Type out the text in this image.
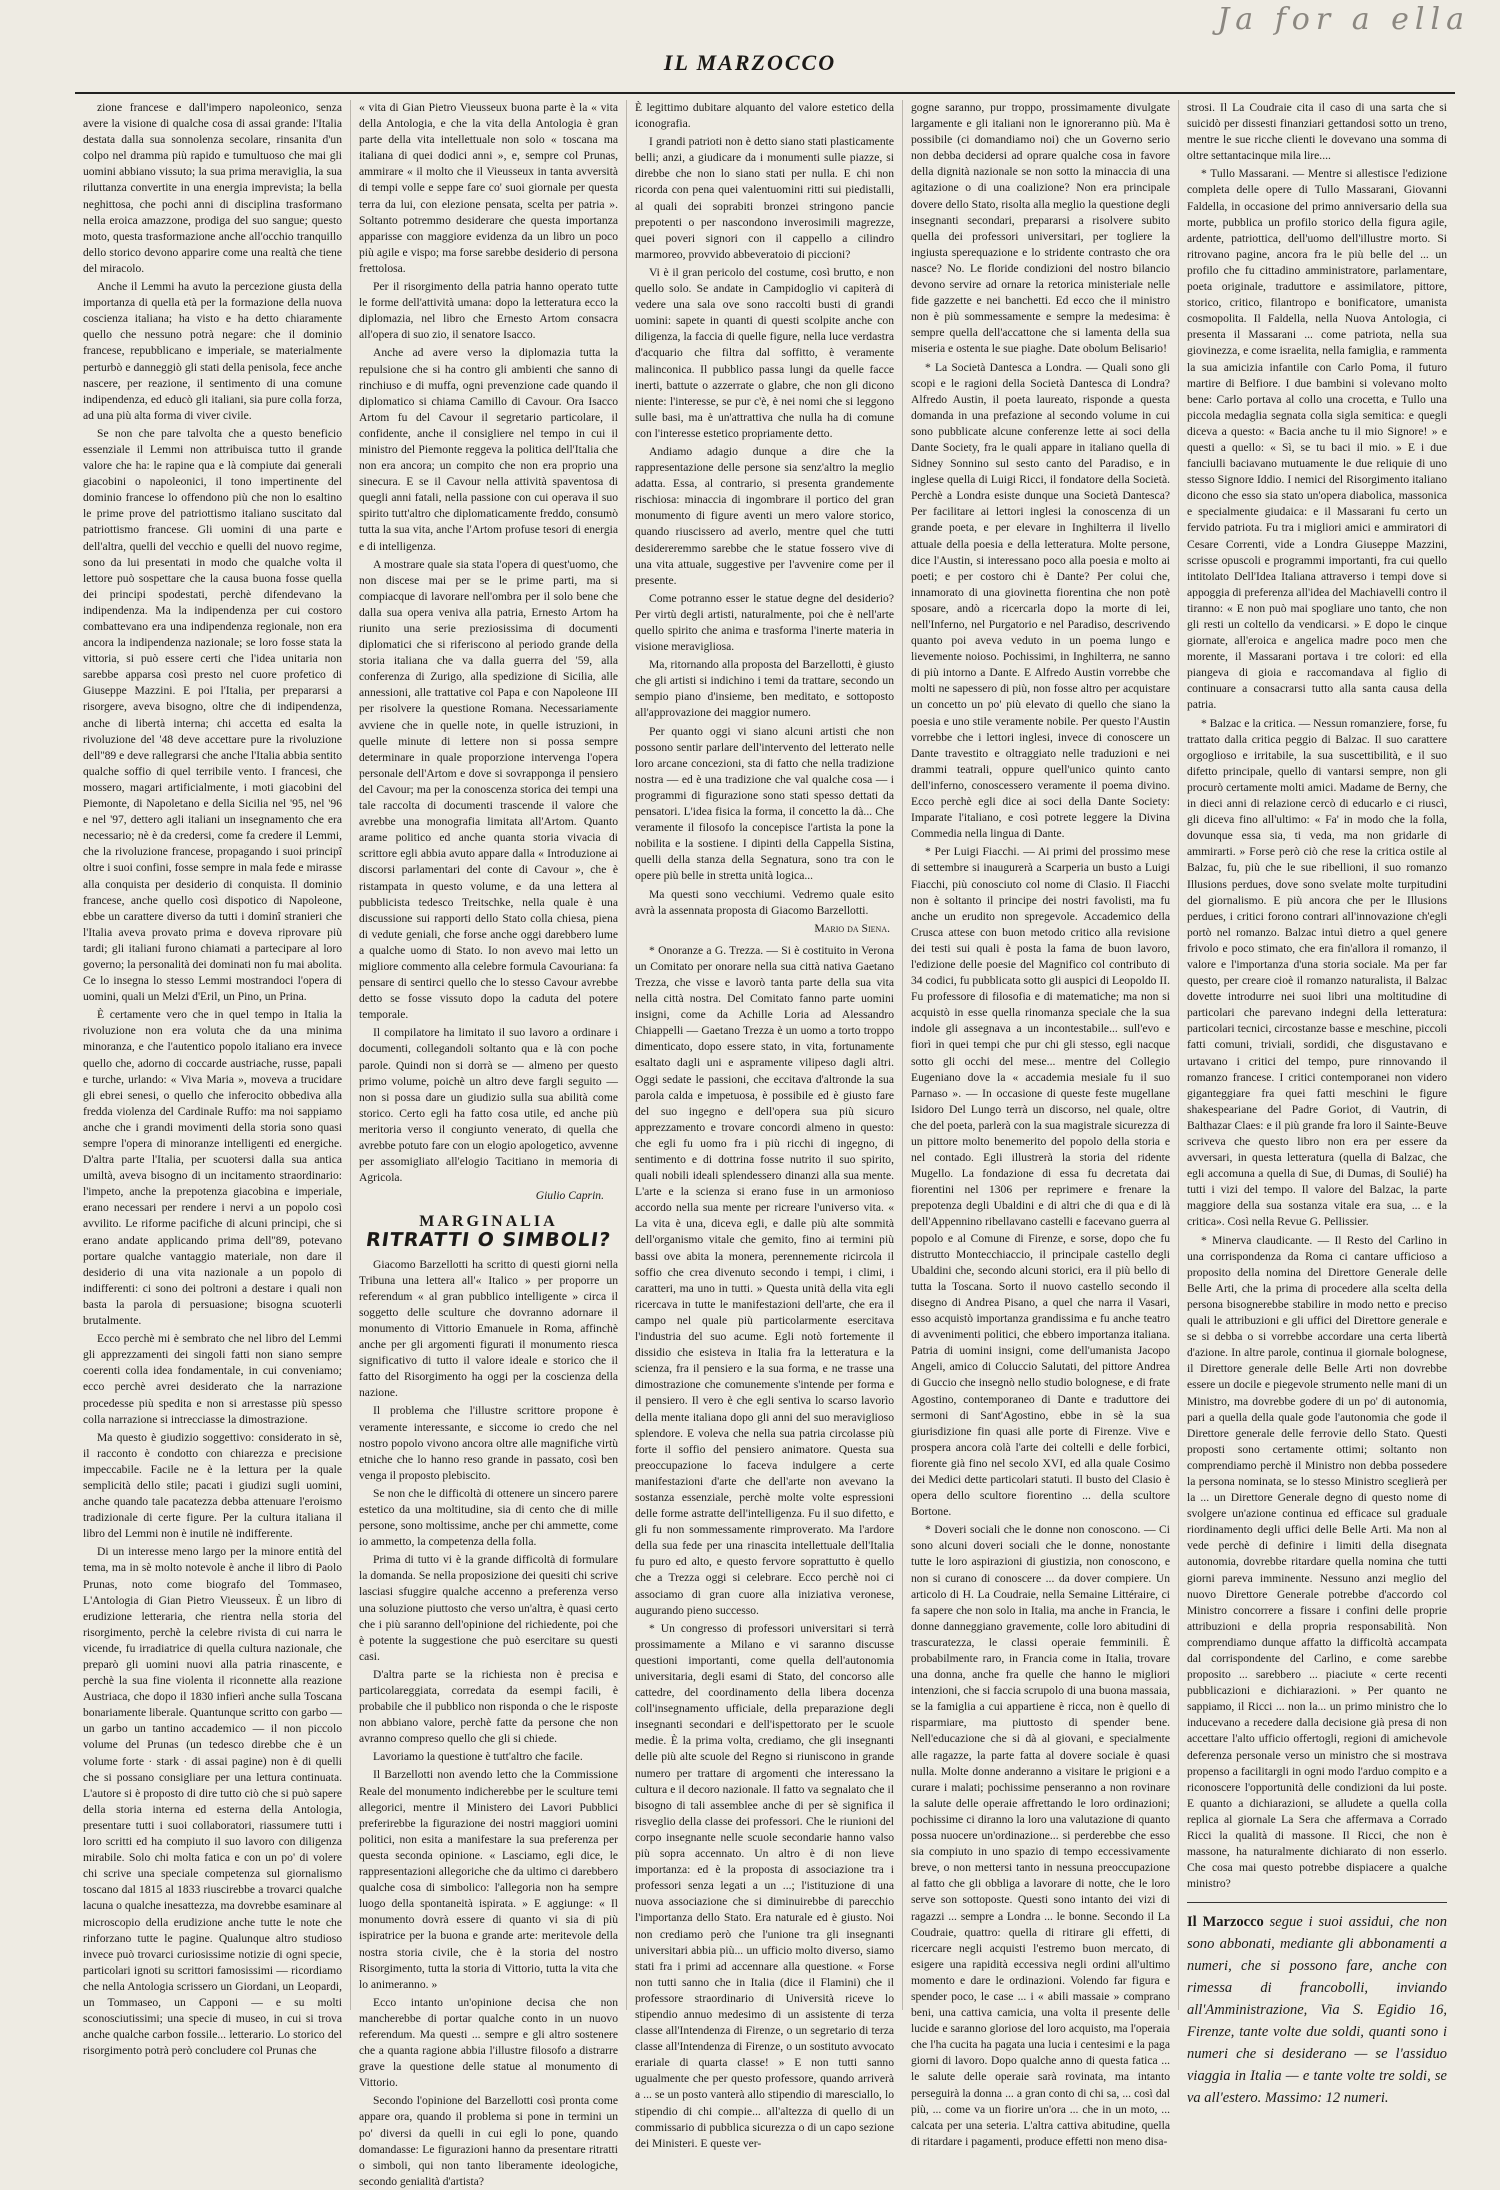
Ja for a ella
IL MARZOCCO

zione francese e dall'impero napoleonico, senza avere la visione di qualche cosa di assai grande: l'Italia destata dalla sua sonnolenza secolare, rinsanita d'un colpo nel dramma più rapido e tumultuoso che mai gli uomini abbiano vissuto; la sua prima meraviglia, la sua riluttanza convertite in una energia imprevista; la bella neghittosa, che pochi anni di disciplina trasformano nella eroica amazzone, prodiga del suo sangue; questo moto, questa trasformazione anche all'occhio tranquillo dello storico devono apparire come una realtà che tiene del miracolo.

Anche il Lemmi ha avuto la percezione giusta della importanza di quella età per la formazione della nuova coscienza italiana; ha visto e ha detto chiaramente quello che nessuno potrà negare: che il dominio francese, repubblicano e imperiale, se materialmente perturbò e danneggiò gli stati della penisola, fece anche nascere, per reazione, il sentimento di una comune indipendenza, ed educò gli italiani, sia pure colla forza, ad una più alta forma di viver civile.

Se non che pare talvolta che a questo beneficio essenziale il Lemmi non attribuisca tutto il grande valore che ha: le rapine qua e là compiute dai generali giacobini o napoleonici, il tono impertinente del dominio francese lo offendono più che non lo esaltino le prime prove del patriottismo italiano suscitato dal patriottismo francese. Gli uomini di una parte e dell'altra, quelli del vecchio e quelli del nuovo regime, sono da lui presentati in modo che qualche volta il lettore può sospettare che la causa buona fosse quella dei principi spodestati, perchè difendevano la indipendenza. Ma la indipendenza per cui costoro combattevano era una indipendenza regionale, non era ancora la indipendenza nazionale; se loro fosse stata la vittoria, si può essere certi che l'idea unitaria non sarebbe apparsa così presto nel cuore profetico di Giuseppe Mazzini. E poi l'Italia, per prepararsi a risorgere, aveva bisogno, oltre che di indipendenza, anche di libertà interna; chi accetta ed esalta la rivoluzione del '48 deve accettare pure la rivoluzione dell''89 e deve rallegrarsi che anche l'Italia abbia sentito qualche soffio di quel terribile vento. I francesi, che mossero, magari artificialmente, i moti giacobini del Piemonte, di Napoletano e della Sicilia nel '95, nel '96 e nel '97, dettero agli italiani un insegnamento che era necessario; nè è da credersi, come fa credere il Lemmi, che la rivoluzione francese, propagando i suoi principî oltre i suoi confini, fosse sempre in mala fede e mirasse alla conquista per desiderio di conquista. Il dominio francese, anche quello così dispotico di Napoleone, ebbe un carattere diverso da tutti i dominî stranieri che l'Italia aveva provato prima e doveva riprovare più tardi; gli italiani furono chiamati a partecipare al loro governo; la personalità dei dominati non fu mai abolita. Ce lo insegna lo stesso Lemmi mostrandoci l'opera di uomini, quali un Melzi d'Eril, un Pino, un Prina.

È certamente vero che in quel tempo in Italia la rivoluzione non era voluta che da una minima minoranza, e che l'autentico popolo italiano era invece quello che, adorno di coccarde austriache, russe, papali e turche, urlando: « Viva Maria », moveva a trucidare gli ebrei senesi, o quello che inferocito obbediva alla fredda violenza del Cardinale Ruffo: ma noi sappiamo anche che i grandi movimenti della storia sono quasi sempre l'opera di minoranze intelligenti ed energiche. D'altra parte l'Italia, per scuotersi dalla sua antica umiltà, aveva bisogno di un incitamento straordinario: l'impeto, anche la prepotenza giacobina e imperiale, erano necessari per rendere i nervi a un popolo così avvilito. Le riforme pacifiche di alcuni principi, che si erano andate applicando prima dell''89, potevano portare qualche vantaggio materiale, non dare il desiderio di una vita nazionale a un popolo di indifferenti: ci sono dei poltroni a destare i quali non basta la parola di persuasione; bisogna scuoterli brutalmente.

Ecco perchè mi è sembrato che nel libro del Lemmi gli apprezzamenti dei singoli fatti non siano sempre coerenti colla idea fondamentale, in cui conveniamo; ecco perchè avrei desiderato che la narrazione procedesse più spedita e non si arrestasse più spesso colla narrazione si intrecciasse la dimostrazione.

Ma questo è giudizio soggettivo: considerato in sè, il racconto è condotto con chiarezza e precisione impeccabile. Facile ne è la lettura per la quale semplicità dello stile; pacati i giudizi sugli uomini, anche quando tale pacatezza debba attenuare l'eroismo tradizionale di certe figure. Per la cultura italiana il libro del Lemmi non è inutile nè indifferente.

Di un interesse meno largo per la minore entità del tema, ma in sè molto notevole è anche il libro di Paolo Prunas, noto come biografo del Tommaseo, L'Antologia di Gian Pietro Vieusseux. È un libro di erudizione letteraria, che rientra nella storia del risorgimento, perchè la celebre rivista di cui narra le vicende, fu irradiatrice di quella cultura nazionale, che preparò gli uomini nuovi alla patria rinascente, e perchè la sua fine violenta il riconnette alla reazione Austriaca, che dopo il 1830 infierì anche sulla Toscana bonariamente liberale. Quantunque scritto con garbo — un garbo un tantino accademico — il non piccolo volume del Prunas (un tedesco direbbe che è un volume forte · stark · di assai pagine) non è di quelli che si possano consigliare per una lettura continuata. L'autore si è proposto di dire tutto ciò che si può sapere della storia interna ed esterna della Antologia, presentare tutti i suoi collaboratori, riassumere tutti i loro scritti ed ha compiuto il suo lavoro con diligenza mirabile. Solo chi molta fatica e con un po' di volere chi scrive una speciale competenza sul giornalismo toscano dal 1815 al 1833 riuscirebbe a trovarci qualche lacuna o qualche inesattezza, ma dovrebbe esaminare al microscopio della erudizione anche tutte le note che rinforzano tutte le pagine. Qualunque altro studioso invece può trovarci curiosissime notizie di ogni specie, particolari ignoti su scrittori famosissimi — ricordiamo che nella Antologia scrissero un Giordani, un Leopardi, un Tommaseo, un Capponi — e su molti sconosciutissimi; una specie di museo, in cui si trova anche qualche carbon fossile... letterario. Lo storico del risorgimento potrà però concludere col Prunas che

« vita di Gian Pietro Vieusseux buona parte è la « vita della Antologia, e che la vita della Antologia è gran parte della vita intellettuale non solo « toscana ma italiana di quei dodici anni », e, sempre col Prunas, ammirare « il molto che il Vieusseux in tanta avversità di tempi volle e seppe fare co' suoi giornale per questa terra da lui, con elezione pensata, scelta per patria ». Soltanto potremmo desiderare che questa importanza apparisse con maggiore evidenza da un libro un poco più agile e vispo; ma forse sarebbe desiderio di persona frettolosa.

Per il risorgimento della patria hanno operato tutte le forme dell'attività umana: dopo la letteratura ecco la diplomazia, nel libro che Ernesto Artom consacra all'opera di suo zio, il senatore Isacco.

Anche ad avere verso la diplomazia tutta la repulsione che si ha contro gli ambienti che sanno di rinchiuso e di muffa, ogni prevenzione cade quando il diplomatico si chiama Camillo di Cavour. Ora Isacco Artom fu del Cavour il segretario particolare, il confidente, anche il consigliere nel tempo in cui il ministro del Piemonte reggeva la politica dell'Italia che non era ancora; un compito che non era proprio una sinecura. E se il Cavour nella attività spaventosa di quegli anni fatali, nella passione con cui operava il suo spirito tutt'altro che diplomaticamente freddo, consumò tutta la sua vita, anche l'Artom profuse tesori di energia e di intelligenza.

A mostrare quale sia stata l'opera di quest'uomo, che non discese mai per se le prime parti, ma si compiacque di lavorare nell'ombra per il solo bene che dalla sua opera veniva alla patria, Ernesto Artom ha riunito una serie preziosissima di documenti diplomatici che si riferiscono al periodo grande della storia italiana che va dalla guerra del '59, alla conferenza di Zurigo, alla spedizione di Sicilia, alle annessioni, alle trattative col Papa e con Napoleone III per risolvere la questione Romana. Necessariamente avviene che in quelle note, in quelle istruzioni, in quelle minute di lettere non si possa sempre determinare in quale proporzione intervenga l'opera personale dell'Artom e dove si sovrapponga il pensiero del Cavour; ma per la conoscenza storica dei tempi una tale raccolta di documenti trascende il valore che avrebbe una monografia limitata all'Artom. Quanto arame politico ed anche quanta storia vivacia di scrittore egli abbia avuto appare dalla « Introduzione ai discorsi parlamentari del conte di Cavour », che è ristampata in questo volume, e da una lettera al pubblicista tedesco Treitschke, nella quale è una discussione sui rapporti dello Stato colla chiesa, piena di vedute geniali, che forse anche oggi darebbero lume a qualche uomo di Stato. Io non avevo mai letto un migliore commento alla celebre formula Cavouriana: fa pensare di sentirci quello che lo stesso Cavour avrebbe detto se fosse vissuto dopo la caduta del potere temporale.

Il compilatore ha limitato il suo lavoro a ordinare i documenti, collegandoli soltanto qua e là con poche parole. Quindi non si dorrà se — almeno per questo primo volume, poichè un altro deve fargli seguito — non si possa dare un giudizio sulla sua abilità come storico. Certo egli ha fatto cosa utile, ed anche più meritoria verso il congiunto venerato, di quella che avrebbe potuto fare con un elogio apologetico, avvenne per assomigliato all'elogio Tacitiano in memoria di Agricola.

Giulio Caprin.
MARGINALIA
RITRATTI O SIMBOLI?

Giacomo Barzellotti ha scritto di questi giorni nella Tribuna una lettera all'« Italico » per proporre un referendum « al gran pubblico intelligente » circa il soggetto delle sculture che dovranno adornare il monumento di Vittorio Emanuele in Roma, affinchè anche per gli argomenti figurati il monumento riesca significativo di tutto il valore ideale e storico che il fatto del Risorgimento ha oggi per la coscienza della nazione.

Il problema che l'illustre scrittore propone è veramente interessante, e siccome io credo che nel nostro popolo vivono ancora oltre alle magnifiche virtù etniche che lo hanno reso grande in passato, così ben venga il proposto plebiscito.

Se non che le difficoltà di ottenere un sincero parere estetico da una moltitudine, sia di cento che di mille persone, sono moltissime, anche per chi ammette, come io ammetto, la competenza della folla.

Prima di tutto vi è la grande difficoltà di formulare la domanda. Se nella proposizione dei quesiti chi scrive lasciasi sfuggire qualche accenno a preferenza verso una soluzione piuttosto che verso un'altra, è quasi certo che i più saranno dell'opinione del richiedente, poi che è potente la suggestione che può esercitare su questi casi.

D'altra parte se la richiesta non è precisa e particolareggiata, corredata da esempi facili, è probabile che il pubblico non risponda o che le risposte non abbiano valore, perchè fatte da persone che non avranno compreso quello che gli si chiede.

Lavoriamo la questione è tutt'altro che facile.

Il Barzellotti non avendo letto che la Commissione Reale del monumento indicherebbe per le sculture temi allegorici, mentre il Ministero dei Lavori Pubblici preferirebbe la figurazione dei nostri maggiori uomini politici, non esita a manifestare la sua preferenza per questa seconda opinione. « Lasciamo, egli dice, le rappresentazioni allegoriche che da ultimo ci darebbero qualche cosa di simbolico: l'allegoria non ha sempre luogo della spontaneità ispirata. » E aggiunge: « Il monumento dovrà essere di quanto vi sia di più ispiratrice per la buona e grande arte: meritevole della nostra storia civile, che è la storia del nostro Risorgimento, tutta la storia di Vittorio, tutta la vita che lo animeranno. »

Ecco intanto un'opinione decisa che non mancherebbe di portar qualche conto in un nuovo referendum. Ma questi ... sempre e gli altro sostenere che a quanta ragione abbia l'illustre filosofo a distrarre grave la questione delle statue al monumento di Vittorio.

Secondo l'opinione del Barzellotti così pronta come appare ora, quando il problema si pone in termini un po' diversi da quelli in cui egli lo pone, quando domandasse: Le figurazioni hanno da presentare ritratti o simboli, qui non tanto liberamente ideologiche, secondo genialità d'artista?

È legittimo dubitare alquanto del valore estetico della iconografia.

I grandi patrioti non è detto siano stati plasticamente belli; anzi, a giudicare da i monumenti sulle piazze, si direbbe che non lo siano stati per nulla. E chi non ricorda con pena quei valentuomini ritti sui piedistalli, al quali dei soprabiti bronzei stringono pancie prepotenti o per nascondono inverosimili magrezze, quei poveri signori con il cappello a cilindro marmoreo, provvido abbeveratoio di piccioni?

Vi è il gran pericolo del costume, così brutto, e non quello solo. Se andate in Campidoglio vi capiterà di vedere una sala ove sono raccolti busti di grandi uomini: sapete in quanti di questi scolpite anche con diligenza, la faccia di quelle figure, nella luce verdastra d'acquario che filtra dal soffitto, è veramente malinconica. Il pubblico passa lungi da quelle facce inerti, battute o azzerrate o glabre, che non gli dicono niente: l'interesse, se pur c'è, è nei nomi che si leggono sulle basi, ma è un'attrattiva che nulla ha di comune con l'interesse estetico propriamente detto.

Andiamo adagio dunque a dire che la rappresentazione delle persone sia senz'altro la meglio adatta. Essa, al contrario, si presenta grandemente rischiosa: minaccia di ingombrare il portico del gran monumento di figure aventi un mero valore storico, quando riuscissero ad averlo, mentre quel che tutti desidereremmo sarebbe che le statue fossero vive di una vita attuale, suggestive per l'avvenire come per il presente.

Come potranno esser le statue degne del desiderio? Per virtù degli artisti, naturalmente, poi che è nell'arte quello spirito che anima e trasforma l'inerte materia in visione meravigliosa.

Ma, ritornando alla proposta del Barzellotti, è giusto che gli artisti si indichino i temi da trattare, secondo un sempio piano d'insieme, ben meditato, e sottoposto all'approvazione dei maggior numero.

Per quanto oggi vi siano alcuni artisti che non possono sentir parlare dell'intervento del letterato nelle loro arcane concezioni, sta di fatto che nella tradizione nostra — ed è una tradizione che val qualche cosa — i programmi di figurazione sono stati spesso dettati da pensatori. L'idea fisica la forma, il concetto la dà... Che veramente il filosofo la concepisce l'artista la pone la nobilita e la sostiene. I dipinti della Cappella Sistina, quelli della stanza della Segnatura, sono tra con le opere più belle in stretta unità logica...

Ma questi sono vecchiumi. Vedremo quale esito avrà la assennata proposta di Giacomo Barzellotti.

Mario da Siena.

* Onoranze a G. Trezza. — Si è costituito in Verona un Comitato per onorare nella sua città nativa Gaetano Trezza, che visse e lavorò tanta parte della sua vita nella città nostra. Del Comitato fanno parte uomini insigni, come da Achille Loria ad Alessandro Chiappelli — Gaetano Trezza è un uomo a torto troppo dimenticato, dopo essere stato, in vita, fortunamente esaltato dagli uni e aspramente vilipeso dagli altri. Oggi sedate le passioni, che eccitava d'altronde la sua parola calda e impetuosa, è possibile ed è giusto fare del suo ingegno e dell'opera sua più sicuro apprezzamento e trovare concordi almeno in questo: che egli fu uomo fra i più ricchi di ingegno, di sentimento e di dottrina fosse nutrito il suo spirito, quali nobili ideali splendessero dinanzi alla sua mente. L'arte e la scienza si erano fuse in un armonioso accordo nella sua mente per ricreare l'universo vita. « La vita è una, diceva egli, e dalle più alte sommità dell'organismo vitale che gemito, fino ai termini più bassi ove abita la monera, perennemente ricircola il soffio che crea divenuto secondo i tempi, i climi, i caratteri, ma uno in tutti. » Questa unità della vita egli ricercava in tutte le manifestazioni dell'arte, che era il campo nel quale più particolarmente esercitava l'industria del suo acume. Egli notò fortemente il dissidio che esisteva in Italia fra la letteratura e la scienza, fra il pensiero e la sua forma, e ne trasse una dimostrazione che comunemente s'intende per forma e il pensiero. Il vero è che egli sentiva lo scarso lavorìo della mente italiana dopo gli anni del suo meraviglioso splendore. E voleva che nella sua patria circolasse più forte il soffio del pensiero animatore. Questa sua preoccupazione lo faceva indulgere a certe manifestazioni d'arte che dell'arte non avevano la sostanza essenziale, perchè molte volte espressioni delle forme astratte dell'intelligenza. Fu il suo difetto, e gli fu non sommessamente rimproverato. Ma l'ardore della sua fede per una rinascita intellettuale dell'Italia fu puro ed alto, e questo fervore soprattutto è quello che a Trezza oggi si celebrare. Ecco perchè noi ci associamo di gran cuore alla iniziativa veronese, augurando pieno successo.

* Un congresso di professori universitari si terrà prossimamente a Milano e vi saranno discusse questioni importanti, come quella dell'autonomia universitaria, degli esami di Stato, del concorso alle cattedre, del coordinamento della libera docenza coll'insegnamento ufficiale, della preparazione degli insegnanti secondari e dell'ispettorato per le scuole medie. È la prima volta, crediamo, che gli insegnanti delle più alte scuole del Regno si riuniscono in grande numero per trattare di argomenti che interessano la cultura e il decoro nazionale. Il fatto va segnalato che il bisogno di tali assemblee anche di per sè significa il risveglio della classe dei professori. Che le riunioni del corpo insegnante nelle scuole secondarie hanno valso più sopra accennato. Un altro è di non lieve importanza: ed è la proposta di associazione tra i professori senza legati a un ...; l'istituzione di una nuova associazione che si diminuirebbe di parecchio l'importanza dello Stato. Era naturale ed è giusto. Noi non crediamo però che l'unione tra gli insegnanti universitari abbia più... un ufficio molto diverso, siamo stati fra i primi ad accennare alla questione. « Forse non tutti sanno che in Italia (dice il Flamini) che il professore straordinario di Università riceve lo stipendio annuo medesimo di un assistente di terza classe all'Intendenza di Firenze, o un segretario di terza classe all'Intendenza di Firenze, o un sostituto avvocato erariale di quarta classe! » E non tutti sanno ugualmente che per questo professore, quando arriverà a ... se un posto vanterà allo stipendio di maresciallo, lo stipendio di chi compie... all'altezza di quello di un commissario di pubblica sicurezza o di un capo sezione dei Ministeri. E queste ver-

gogne saranno, pur troppo, prossimamente divulgate largamente e gli italiani non le ignoreranno più. Ma è possibile (ci domandiamo noi) che un Governo serio non debba decidersi ad oprare qualche cosa in favore della dignità nazionale se non sotto la minaccia di una agitazione o di una coalizione? Non era principale dovere dello Stato, risolta alla meglio la questione degli insegnanti secondari, prepararsi a risolvere subito quella dei professori universitari, per togliere la ingiusta sperequazione e lo stridente contrasto che ora nasce? No. Le floride condizioni del nostro bilancio devono servire ad ornare la retorica ministeriale nelle fide gazzette e nei banchetti. Ed ecco che il ministro non è più sommessamente e sempre la medesima: è sempre quella dell'accattone che si lamenta della sua miseria e ostenta le sue piaghe. Date obolum Belisario!

* La Società Dantesca a Londra. — Quali sono gli scopi e le ragioni della Società Dantesca di Londra? Alfredo Austin, il poeta laureato, risponde a questa domanda in una prefazione al secondo volume in cui sono pubblicate alcune conferenze lette ai soci della Dante Society, fra le quali appare in italiano quella di Sidney Sonnino sul sesto canto del Paradiso, e in inglese quella di Luigi Ricci, il fondatore della Società. Perchè a Londra esiste dunque una Società Dantesca? Per facilitare ai lettori inglesi la conoscenza di un grande poeta, e per elevare in Inghilterra il livello attuale della poesia e della letteratura. Molte persone, dice l'Austin, si interessano poco alla poesia e molto ai poeti; e per costoro chi è Dante? Per colui che, innamorato di una giovinetta fiorentina che non potè sposare, andò a ricercarla dopo la morte di lei, nell'Inferno, nel Purgatorio e nel Paradiso, descrivendo quanto poi aveva veduto in un poema lungo e lievemente noioso. Pochissimi, in Inghilterra, ne sanno di più intorno a Dante. E Alfredo Austin vorrebbe che molti ne sapessero di più, non fosse altro per acquistare un concetto un po' più elevato di quello che siano la poesia e uno stile veramente nobile. Per questo l'Austin vorrebbe che i lettori inglesi, invece di conoscere un Dante travestito e oltraggiato nelle traduzioni e nei drammi teatrali, oppure quell'unico quinto canto dell'inferno, conoscessero veramente il poema divino. Ecco perchè egli dice ai soci della Dante Society: Imparate l'italiano, e così potrete leggere la Divina Commedia nella lingua di Dante.

* Per Luigi Fiacchi. — Ai primi del prossimo mese di settembre si inaugurerà a Scarperia un busto a Luigi Fiacchi, più conosciuto col nome di Clasio. Il Fiacchi non è soltanto il principe dei nostri favolisti, ma fu anche un erudito non spregevole. Accademico della Crusca attese con buon metodo critico alla revisione dei testi sui quali è posta la fama de buon lavoro, l'edizione delle poesie del Magnifico col contributo di 34 codici, fu pubblicata sotto gli auspici di Leopoldo II. Fu professore di filosofia e di matematiche; ma non si acquistò in esse quella rinomanza speciale che la sua indole gli assegnava a un incontestabile... sull'evo e fiorì in quei tempi che pur chi gli stesso, egli nacque sotto gli occhi del mese... mentre del Collegio Eugeniano dove la « accademia mesiale fu il suo Parnaso ». — In occasione di queste feste mugellane Isidoro Del Lungo terrà un discorso, nel quale, oltre che del poeta, parlerà con la sua magistrale sicurezza di un pittore molto benemerito del popolo della storia e nel contado. Egli illustrerà la storia del ridente Mugello. La fondazione di essa fu decretata dai fiorentini nel 1306 per reprimere e frenare la prepotenza degli Ubaldini e di altri che di qua e di là dell'Appennino ribellavano castelli e facevano guerra al popolo e al Comune di Firenze, e sorse, dopo che fu distrutto Montecchiaccio, il principale castello degli Ubaldini che, secondo alcuni storici, era il più bello di tutta la Toscana. Sorto il nuovo castello secondo il disegno di Andrea Pisano, a quel che narra il Vasari, esso acquistò importanza grandissima e fu anche teatro di avvenimenti politici, che ebbero importanza italiana. Patria di uomini insigni, come dell'umanista Jacopo Angeli, amico di Coluccio Salutati, del pittore Andrea di Guccio che insegnò nello studio bolognese, e di frate Agostino, contemporaneo di Dante e traduttore dei sermoni di Sant'Agostino, ebbe in sè la sua giurisdizione fin quasi alle porte di Firenze. Vive e prospera ancora colà l'arte dei coltelli e delle forbici, fiorente già fino nel secolo XVI, ed alla quale Cosimo dei Medici dette particolari statuti. Il busto del Clasio è opera dello scultore fiorentino ... della scultore Bortone.

* Doveri sociali che le donne non conoscono. — Ci sono alcuni doveri sociali che le donne, nonostante tutte le loro aspirazioni di giustizia, non conoscono, e non si curano di conoscere ... da dover compiere. Un articolo di H. La Coudraie, nella Semaine Littéraire, ci fa sapere che non solo in Italia, ma anche in Francia, le donne danneggiano gravemente, colle loro abitudini di trascuratezza, le classi operaie femminili. È probabilmente raro, in Francia come in Italia, trovare una donna, anche fra quelle che hanno le migliori intenzioni, che si faccia scrupolo di una buona massaia, se la famiglia a cui appartiene è ricca, non è quello di risparmiare, ma piuttosto di spender bene. Nell'educazione che si dà al giovani, e specialmente alle ragazze, la parte fatta al dovere sociale è quasi nulla. Molte donne anderanno a visitare le prigioni e a curare i malati; pochissime penseranno a non rovinare la salute delle operaie affrettando le loro ordinazioni; pochissime ci diranno la loro una valutazione di quanto possa nuocere un'ordinazione... si perderebbe che esso sia compiuto in uno spazio di tempo eccessivamente breve, o non mettersi tanto in nessuna preoccupazione al fatto che gli obbliga a lavorare di notte, che le loro serve son sottoposte. Questi sono intanto dei vizi di ragazzi ... sempre a Londra ... le bonne. Secondo il La Coudraie, quattro: quella di ritirare gli effetti, di ricercare negli acquisti l'estremo buon mercato, di esigere una rapidità eccessiva negli ordini all'ultimo momento e dare le ordinazioni. Volendo far figura e spender poco, le case ... i « abili massaie » comprano beni, una cattiva camicia, una volta il presente delle lucide e saranno gloriose del loro acquisto, ma l'operaia che l'ha cucita ha pagata una lucia i centesimi e la paga giorni di lavoro. Dopo qualche anno di questa fatica ... le salute delle operaie sarà rovinata, ma intanto perseguirà la donna ... a gran conto di chi sa, ... così dal più, ... come va un fiorire un'ora ... che in un moto, ... calcata per una seteria. L'altra cattiva abitudine, quella di ritardare i pagamenti, produce effetti non meno disa-

strosi. Il La Coudraie cita il caso di una sarta che si suicidò per dissesti finanziari gettandosi sotto un treno, mentre le sue ricche clienti le dovevano una somma di oltre settantacinque mila lire....

* Tullo Massarani. — Mentre si allestisce l'edizione completa delle opere di Tullo Massarani, Giovanni Faldella, in occasione del primo anniversario della sua morte, pubblica un profilo storico della figura agile, ardente, patriottica, dell'uomo dell'illustre morto. Si ritrovano pagine, ancora fra le più belle del ... un profilo che fu cittadino amministratore, parlamentare, poeta originale, traduttore e assimilatore, pittore, storico, critico, filantropo e bonificatore, umanista cosmopolita. Il Faldella, nella Nuova Antologia, ci presenta il Massarani ... come patriota, nella sua giovinezza, e come israelita, nella famiglia, e rammenta la sua amicizia infantile con Carlo Poma, il futuro martire di Belfiore. I due bambini si volevano molto bene: Carlo portava al collo una crocetta, e Tullo una piccola medaglia segnata colla sigla semitica: e quegli diceva a questo: « Bacia anche tu il mio Signore! » e questi a quello: « Sì, se tu baci il mio. » E i due fanciulli baciavano mutuamente le due reliquie di uno stesso Signore Iddio. I nemici del Risorgimento italiano dicono che esso sia stato un'opera diabolica, massonica e specialmente giudaica: e il Massarani fu certo un fervido patriota. Fu tra i migliori amici e ammiratori di Cesare Correnti, vide a Londra Giuseppe Mazzini, scrisse opuscoli e programmi importanti, fra cui quello intitolato Dell'Idea Italiana attraverso i tempi dove si appoggia di preferenza all'idea del Machiavelli contro il tiranno: « E non può mai spogliare uno tanto, che non gli resti un coltello da vendicarsi. » E dopo le cinque giornate, all'eroica e angelica madre poco men che morente, il Massarani portava i tre colori: ed ella piangeva di gioia e raccomandava al figlio di continuare a consacrarsi tutto alla santa causa della patria.

* Balzac e la critica. — Nessun romanziere, forse, fu trattato dalla critica peggio di Balzac. Il suo carattere orgoglioso e irritabile, la sua suscettibilità, e il suo difetto principale, quello di vantarsi sempre, non gli procurò certamente molti amici. Madame de Berny, che in dieci anni di relazione cercò di educarlo e ci riuscì, gli diceva fino all'ultimo: « Fa' in modo che la folla, dovunque essa sia, ti veda, ma non gridarle di ammirarti. » Forse però ciò che rese la critica ostile al Balzac, fu, più che le sue ribellioni, il suo romanzo Illusions perdues, dove sono svelate molte turpitudini del giornalismo. E più ancora che per le Illusions perdues, i critici forono contrari all'innovazione ch'egli portò nel romanzo. Balzac intuì dietro a quel genere frivolo e poco stimato, che era fin'allora il romanzo, il valore e l'importanza d'una storia sociale. Ma per far questo, per creare cioè il romanzo naturalista, il Balzac dovette introdurre nei suoi libri una moltitudine di particolari che parevano indegni della letteratura: particolari tecnici, circostanze basse e meschine, piccoli fatti comuni, triviali, sordidi, che disgustavano e urtavano i critici del tempo, pure rinnovando il romanzo francese. I critici contemporanei non videro giganteggiare fra quei fatti meschini le figure shakespeariane del Padre Goriot, di Vautrin, di Balthazar Claes: e il più grande fra loro il Sainte-Beuve scriveva che questo libro non era per essere da avversari, in questa letteratura (quella di Balzac, che egli accomuna a quella di Sue, di Dumas, di Soulié) ha tutti i vizi del tempo. Il valore del Balzac, la parte maggiore della sua sostanza vitale era sua, ... e la critica». Così nella Revue G. Pellissier.

* Minerva claudicante. — Il Resto del Carlino in una corrispondenza da Roma ci cantare ufficioso a proposito della nomina del Direttore Generale delle Belle Arti, che la prima di procedere alla scelta della persona bisognerebbe stabilire in modo netto e preciso quali le attribuzioni e gli uffici del Direttore generale e se si debba o si vorrebbe accordare una certa libertà d'azione. In altre parole, continua il giornale bolognese, il Direttore generale delle Belle Arti non dovrebbe essere un docile e piegevole strumento nelle mani di un Ministro, ma dovrebbe godere di un po' di autonomia, pari a quella della quale gode l'autonomia che gode il Direttore generale delle ferrovie dello Stato. Questi proposti sono certamente ottimi; soltanto non comprendiamo perchè il Ministro non debba possedere la persona nominata, se lo stesso Ministro sceglierà per la ... un Direttore Generale degno di questo nome di svolgere un'azione continua ed efficace sul graduale riordinamento degli uffici delle Belle Arti. Ma non al vede perchè di definire i limiti della disegnata autonomia, dovrebbe ritardare quella nomina che tutti giorni pareva imminente. Nessuno anzi meglio del nuovo Direttore Generale potrebbe d'accordo col Ministro concorrere a fissare i confini delle proprie attribuzioni e della propria responsabilità. Non comprendiamo dunque affatto la difficoltà accampata dal corrispondente del Carlino, e come sarebbe proposito ... sarebbero ... piaciute « certe recenti pubblicazioni e dichiarazioni. » Per quanto ne sappiamo, il Ricci ... non la... un primo ministro che lo inducevano a recedere dalla decisione già presa di non accettare l'alto ufficio offertogli, regioni di amichevole deferenza personale verso un ministro che si mostrava propenso a facilitargli in ogni modo l'arduo compito e a riconoscere l'opportunità delle condizioni da lui poste. E quanto a dichiarazioni, se alludete a quella colla replica al giornale La Sera che affermava a Corrado Ricci la qualità di massone. Il Ricci, che non è massone, ha naturalmente dichiarato di non esserlo. Che cosa mai questo potrebbe dispiacere a qualche ministro?

Il Marzocco segue i suoi assidui, che non sono abbonati, mediante gli abbonamenti a numeri, che si possono fare, anche con rimessa di francobolli, inviando all'Amministrazione, Via S. Egidio 16, Firenze, tante volte due soldi, quanti sono i numeri che si desiderano — se l'assiduo viaggia in Italia — e tante volte tre soldi, se va all'estero. Massimo: 12 numeri.
